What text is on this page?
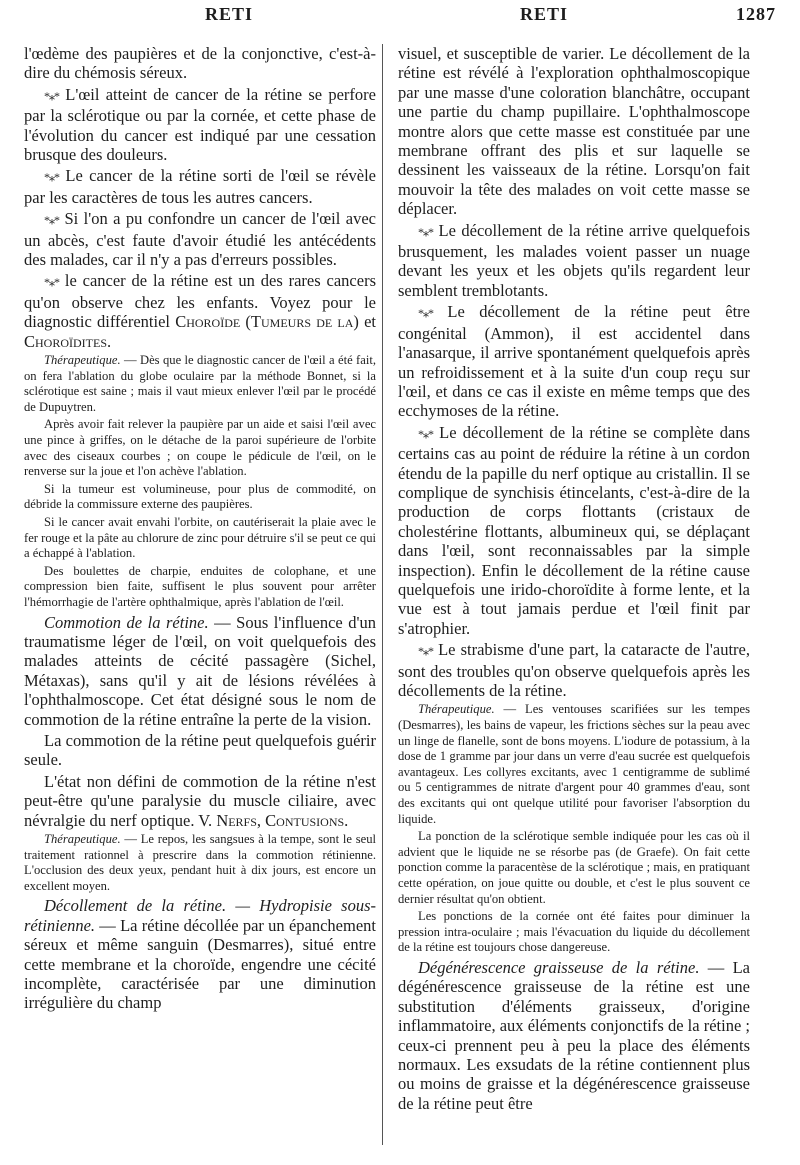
RETI	RETI	1287

l'œdème des paupières et de la conjonctive, c'est-à-dire du chémosis séreux.

*⁎* L'œil atteint de cancer de la rétine se perfore par la sclérotique ou par la cornée, et cette phase de l'évolution du cancer est indiqué par une cessation brusque des douleurs.

*⁎* Le cancer de la rétine sorti de l'œil se révèle par les caractères de tous les autres cancers.

*⁎* Si l'on a pu confondre un cancer de l'œil avec un abcès, c'est faute d'avoir étudié les antécédents des malades, car il n'y a pas d'erreurs possibles.

*⁎* le cancer de la rétine est un des rares cancers qu'on observe chez les enfants. Voyez pour le diagnostic différentiel Choroïde (Tumeurs de la) et Choroïdites.

Thérapeutique. — Dès que le diagnostic cancer de l'œil a été fait, on fera l'ablation du globe oculaire par la méthode Bonnet, si la sclérotique est saine ; mais il vaut mieux enlever l'œil par le procédé de Dupuytren.

Après avoir fait relever la paupière par un aide et saisi l'œil avec une pince à griffes, on le détache de la paroi supérieure de l'orbite avec des ciseaux courbes ; on coupe le pédicule de l'œil, on le renverse sur la joue et l'on achève l'ablation.

Si la tumeur est volumineuse, pour plus de commodité, on débride la commissure externe des paupières.

Si le cancer avait envahi l'orbite, on cautériserait la plaie avec le fer rouge et la pâte au chlorure de zinc pour détruire s'il se peut ce qui a échappé à l'ablation.

Des boulettes de charpie, enduites de colophane, et une compression bien faite, suffisent le plus souvent pour arrêter l'hémorrhagie de l'artère ophthalmique, après l'ablation de l'œil.

Commotion de la rétine. — Sous l'influence d'un traumatisme léger de l'œil, on voit quelquefois des malades atteints de cécité passagère (Sichel, Métaxas), sans qu'il y ait de lésions révélées à l'ophthalmoscope. Cet état désigné sous le nom de commotion de la rétine entraîne la perte de la vision.

La commotion de la rétine peut quelquefois guérir seule.

L'état non défini de commotion de la rétine n'est peut-être qu'une paralysie du muscle ciliaire, avec névralgie du nerf optique. V. Nerfs, Contusions.

Thérapeutique. — Le repos, les sangsues à la tempe, sont le seul traitement rationnel à prescrire dans la commotion rétinienne. L'occlusion des deux yeux, pendant huit à dix jours, est encore un excellent moyen.

Décollement de la rétine. — Hydropisie sous-rétinienne. — La rétine décollée par un épanchement séreux et même sanguin (Desmarres), situé entre cette membrane et la choroïde, engendre une cécité incomplète, caractérisée par une diminution irrégulière du champ

visuel, et susceptible de varier. Le décollement de la rétine est révélé à l'exploration ophthalmoscopique par une masse d'une coloration blanchâtre, occupant une partie du champ pupillaire. L'ophthalmoscope montre alors que cette masse est constituée par une membrane offrant des plis et sur laquelle se dessinent les vaisseaux de la rétine. Lorsqu'on fait mouvoir la tête des malades on voit cette masse se déplacer.

*⁎* Le décollement de la rétine arrive quelquefois brusquement, les malades voient passer un nuage devant les yeux et les objets qu'ils regardent leur semblent tremblotants.

*⁎* Le décollement de la rétine peut être congénital (Ammon), il est accidentel dans l'anasarque, il arrive spontanément quelquefois après un refroidissement et à la suite d'un coup reçu sur l'œil, et dans ce cas il existe en même temps que des ecchymoses de la rétine.

*⁎* Le décollement de la rétine se complète dans certains cas au point de réduire la rétine à un cordon étendu de la papille du nerf optique au cristallin. Il se complique de synchisis étincelants, c'est-à-dire de la production de corps flottants (cristaux de cholestérine flottants, albumineux qui, se déplaçant dans l'œil, sont reconnaissables par la simple inspection). Enfin le décollement de la rétine cause quelquefois une irido-choroïdite à forme lente, et la vue est à tout jamais perdue et l'œil finit par s'atrophier.

*⁎* Le strabisme d'une part, la cataracte de l'autre, sont des troubles qu'on observe quelquefois après les décollements de la rétine.

Thérapeutique. — Les ventouses scarifiées sur les tempes (Desmarres), les bains de vapeur, les frictions sèches sur la peau avec un linge de flanelle, sont de bons moyens. L'iodure de potassium, à la dose de 1 gramme par jour dans un verre d'eau sucrée est quelquefois avantageux. Les collyres excitants, avec 1 centigramme de sublimé ou 5 centigrammes de nitrate d'argent pour 40 grammes d'eau, sont des excitants qui ont quelque utilité pour favoriser l'absorption du liquide.

La ponction de la sclérotique semble indiquée pour les cas où il advient que le liquide ne se résorbe pas (de Graefe). On fait cette ponction comme la paracentèse de la sclérotique ; mais, en pratiquant cette opération, on joue quitte ou double, et c'est le plus souvent ce dernier résultat qu'on obtient.

Les ponctions de la cornée ont été faites pour diminuer la pression intra-oculaire ; mais l'évacuation du liquide du décollement de la rétine est toujours chose dangereuse.

Dégénérescence graisseuse de la rétine. — La dégénérescence graisseuse de la rétine est une substitution d'éléments graisseux, d'origine inflammatoire, aux éléments conjonctifs de la rétine ; ceux-ci prennent peu à peu la place des éléments normaux. Les exsudats de la rétine contiennent plus ou moins de graisse et la dégénérescence graisseuse de la rétine peut être
